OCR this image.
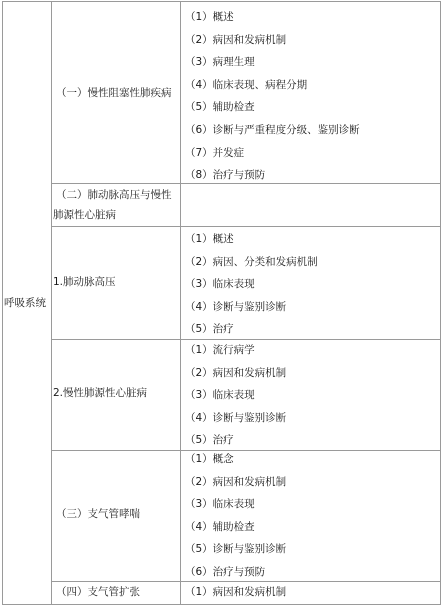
呼吸系统
（一）慢性阻塞性肺疾病
（1）概述
（2）病因和发病机制
（3）病理生理
（4）临床表现、病程分期
（5）辅助检查
（6）诊断与严重程度分级、鉴别诊断
（7）并发症
（8）治疗与预防
（二）肺动脉高压与慢性
肺源性心脏病
1.肺动脉高压
（1）概述
（2）病因、分类和发病机制
（3）临床表现
（4）诊断与鉴别诊断
（5）治疗
2.慢性肺源性心脏病
（1）流行病学
（2）病因和发病机制
（3）临床表现
（4）诊断与鉴别诊断
（5）治疗
（三）支气管哮喘
（1）概念
（2）病因和发病机制
（3）临床表现
（4）辅助检查
（5）诊断与鉴别诊断
（6）治疗与预防
（四）支气管扩张	（1）病因和发病机制
